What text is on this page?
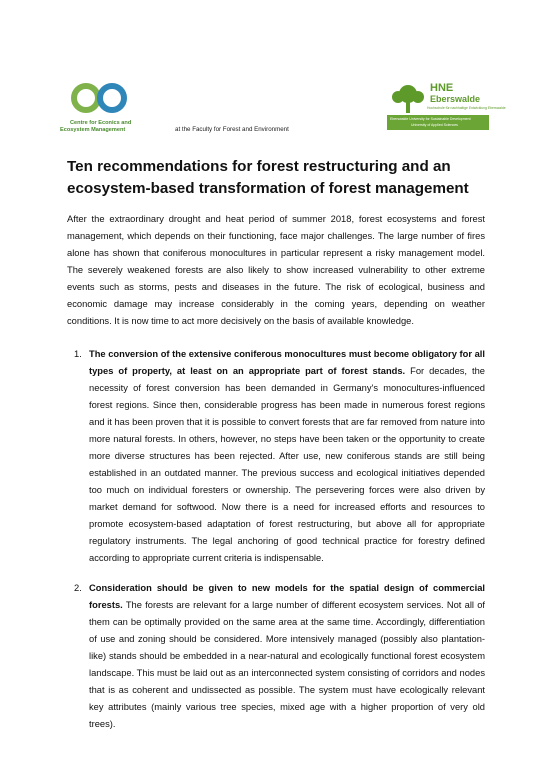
Centre for Econics and
Ecosystem Management	at the Faculty for Forest and Environment
HNE
Eberswalde
Hochschule für nachhaltige Entwicklung Eberswalde
Eberswalde University for Sustainable Development
University of Applied Sciences
Ten recommendations for forest restructuring and an ecosystem-based transformation of forest management

After the extraordinary drought and heat period of summer 2018, forest ecosystems and forest management, which depends on their functioning, face major challenges. The large number of fires alone has shown that coniferous monocultures in particular represent a risky management model. The severely weakened forests are also likely to show increased vulnerability to other extreme events such as storms, pests and diseases in the future. The risk of ecological, business and economic damage may increase considerably in the coming years, depending on weather conditions. It is now time to act more decisively on the basis of available knowledge.

1. The conversion of the extensive coniferous monocultures must become obligatory for all types of property, at least on an appropriate part of forest stands. For decades, the necessity of forest conversion has been demanded in Germany's monocultures-influenced forest regions. Since then, considerable progress has been made in numerous forest regions and it has been proven that it is possible to convert forests that are far removed from nature into more natural forests. In others, however, no steps have been taken or the opportunity to create more diverse structures has been rejected. After use, new coniferous stands are still being established in an outdated manner. The previous success and ecological initiatives depended too much on individual foresters or ownership. The persevering forces were also driven by market demand for softwood. Now there is a need for increased efforts and resources to promote ecosystem-based adaptation of forest restructuring, but above all for appropriate regulatory instruments. The legal anchoring of good technical practice for forestry defined according to appropriate current criteria is indispensable.
2. Consideration should be given to new models for the spatial design of commercial forests. The forests are relevant for a large number of different ecosystem services. Not all of them can be optimally provided on the same area at the same time. Accordingly, differentiation of use and zoning should be considered. More intensively managed (possibly also plantation-like) stands should be embedded in a near-natural and ecologically functional forest ecosystem landscape. This must be laid out as an interconnected system consisting of corridors and nodes that is as coherent and undissected as possible. The system must have ecologically relevant key attributes (mainly various tree species, mixed age with a higher proportion of very old trees).
